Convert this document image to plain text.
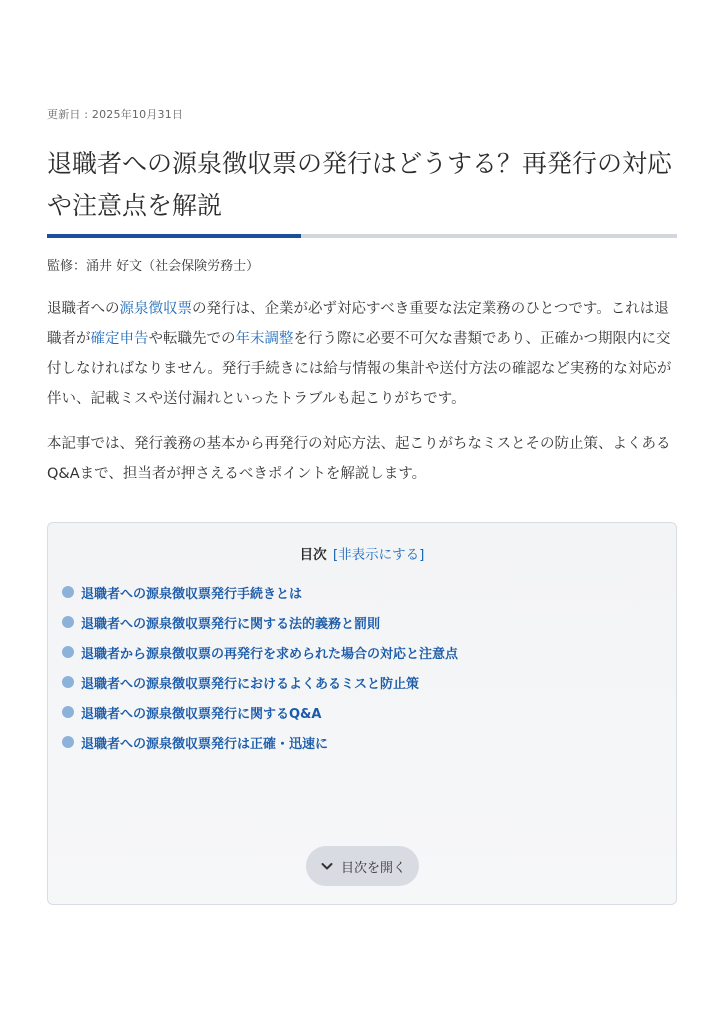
更新日 : 2025年10月31日
退職者への源泉徴収票の発行はどうする？再発行の対応や注意点を解説
監修：涌井 好文（社会保険労務士）

退職者への源泉徴収票の発行は、企業が必ず対応すべき重要な法定業務のひとつです。これは退職者が確定申告や転職先での年末調整を行う際に必要不可欠な書類であり、正確かつ期限内に交付しなければなりません。発行手続きには給与情報の集計や送付方法の確認など実務的な対応が伴い、記載ミスや送付漏れといったトラブルも起こりがちです。

本記事では、発行義務の基本から再発行の対応方法、起こりがちなミスとその防止策、よくあるQ&Aまで、担当者が押さえるべきポイントを解説します。

目次 [非表示にする]
退職者への源泉徴収票発行手続きとは
退職者への源泉徴収票発行に関する法的義務と罰則
退職者から源泉徴収票の再発行を求められた場合の対応と注意点
退職者への源泉徴収票発行におけるよくあるミスと防止策
退職者への源泉徴収票発行に関するQ&A
退職者への源泉徴収票発行は正確・迅速に
目次を開く
